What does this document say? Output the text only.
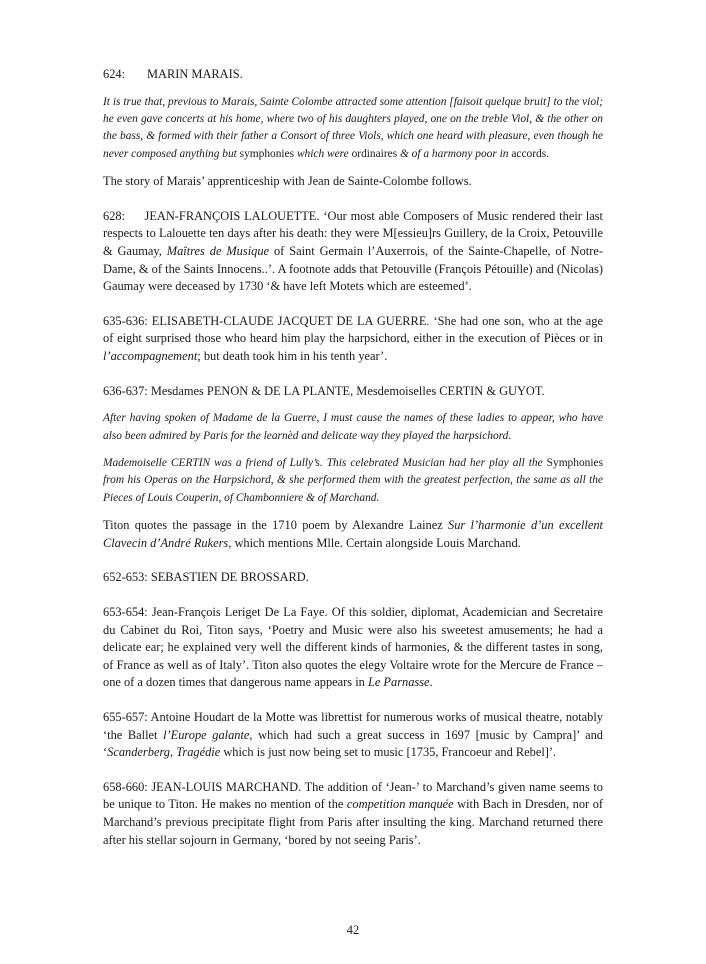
624: MARIN MARAIS.

It is true that, previous to Marais, Sainte Colombe attracted some attention [faisoit quelque bruit] to the viol; he even gave concerts at his home, where two of his daughters played, one on the treble Viol, & the other on the bass, & formed with their father a Consort of three Viols, which one heard with pleasure, even though he never composed anything but symphonies which were ordinaires & of a harmony poor in accords.

The story of Marais’ apprenticeship with Jean de Sainte-Colombe follows.

628:     JEAN-FRANÇOIS LALOUETTE. ‘Our most able Composers of Music rendered their last respects to Lalouette ten days after his death: they were M[essieu]rs Guillery, de la Croix, Petouville & Gaumay, Maîtres de Musique of Saint Germain l’Auxerrois, of the Sainte-Chapelle, of Notre-Dame, & of the Saints Innocens..’. A footnote adds that Petouville (François Pétouille) and (Nicolas) Gaumay were deceased by 1730 ‘& have left Motets which are esteemed’.

635-636: ELISABETH-CLAUDE JACQUET DE LA GUERRE. ‘She had one son, who at the age of eight surprised those who heard him play the harpsichord, either in the execution of Pièces or in l’accompagnement; but death took him in his tenth year’.

636-637: Mesdames PENON & DE LA PLANTE, Mesdemoiselles CERTIN & GUYOT.

After having spoken of Madame de la Guerre, I must cause the names of these ladies to appear, who have also been admired by Paris for the learnèd and delicate way they played the harpsichord.

Mademoiselle CERTIN was a friend of Lully’s. This celebrated Musician had her play all the Symphonies from his Operas on the Harpsichord, & she performed them with the greatest perfection, the same as all the Pieces of Louis Couperin, of Chambonniere & of Marchand.

Titon quotes the passage in the 1710 poem by Alexandre Lainez Sur l’harmonie d’un excellent Clavecin d’André Rukers, which mentions Mlle. Certain alongside Louis Marchand.

652-653: SEBASTIEN DE BROSSARD.

653-654: Jean-François Leriget De La Faye. Of this soldier, diplomat, Academician and Secretaire du Cabinet du Roi, Titon says, ‘Poetry and Music were also his sweetest amusements; he had a delicate ear; he explained very well the different kinds of harmonies, & the different tastes in song, of France as well as of Italy’. Titon also quotes the elegy Voltaire wrote for the Mercure de France – one of a dozen times that dangerous name appears in Le Parnasse.

655-657: Antoine Houdart de la Motte was librettist for numerous works of musical theatre, notably ‘the Ballet l’Europe galante, which had such a great success in 1697 [music by Campra]’ and ‘Scanderberg, Tragédie which is just now being set to music [1735, Francoeur and Rebel]’.

658-660: JEAN-LOUIS MARCHAND. The addition of ‘Jean-’ to Marchand’s given name seems to be unique to Titon. He makes no mention of the competition manquée with Bach in Dresden, nor of Marchand’s previous precipitate flight from Paris after insulting the king. Marchand returned there after his stellar sojourn in Germany, ‘bored by not seeing Paris’.

42
